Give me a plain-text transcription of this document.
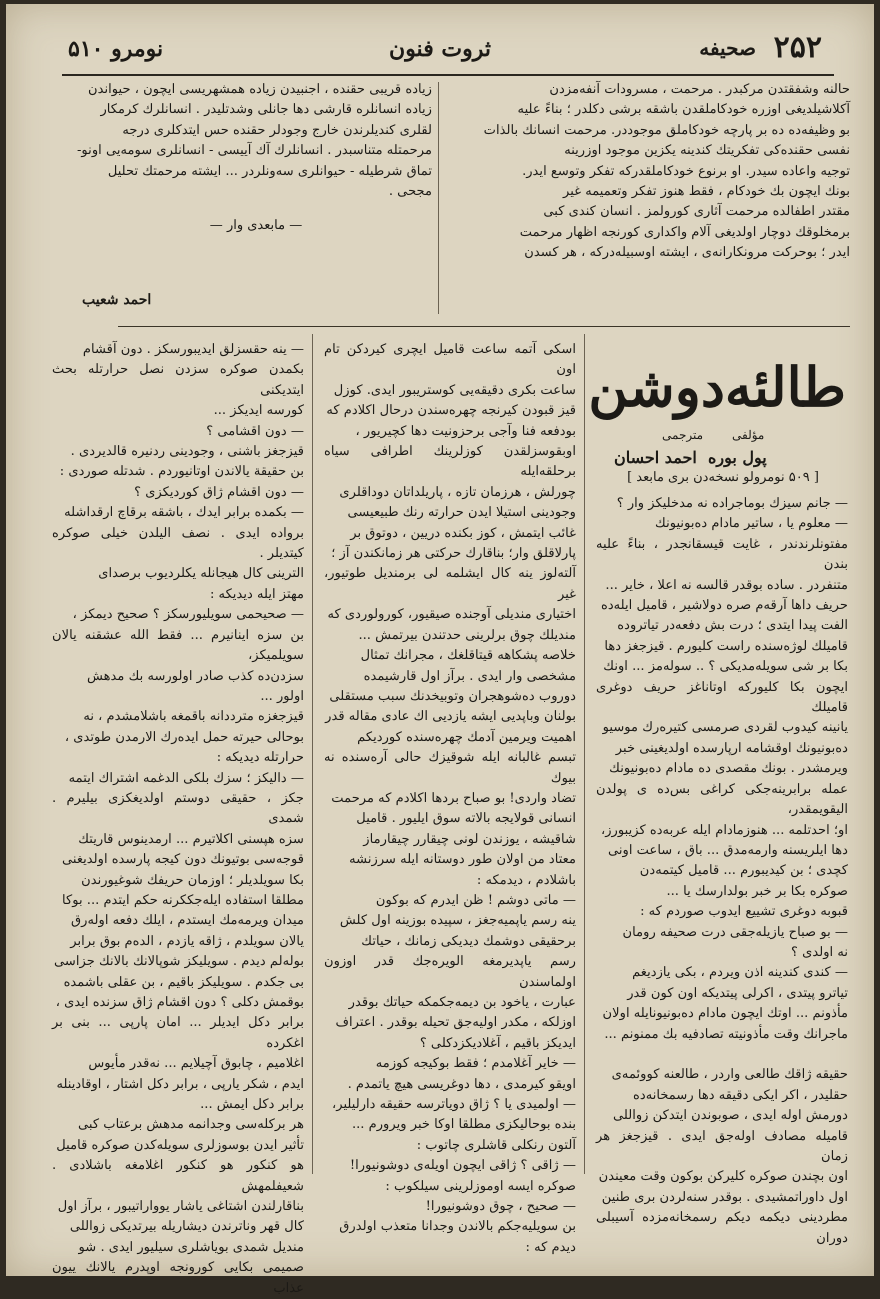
۲۵۲
صحیفه
ثروت فنون
نومرو ۵۱۰

حالنه وشفقتدن مركبدر . مرحمت ، مسرودات آنفه‌مزدن

آكلاشیلدیغی اوزره خودكاملقدن باشقه برشی دكلدر ؛ بناءً علیه

بو وظیفه‌ده ده بر پارچه خودكاملق موجوددر. مرحمت انسانك بالذات

نفسی حقنده‌كی تفكریتك كندینه یكزین موجود اوزرینه

توجیه واعاده سیدر. او برنوع خودكاملقدركه تفكر وتوسع ایدر.

بونك ایچون بك خودكام ، فقط هنوز تفكر وتعمیمه غیر

مقتدر اطفالده مرحمت آثاری كورولمز . انسان كندی كبی

برمخلوقك دوچار اولدیغی آلام واكداری كورنجه اظهار مرحمت

ایدر ؛ بوحركت مرونكارانه‌ی ، ایشته اوسبیله‌دركه ، هر كسدن

زیاده قریبی حقنده ، اجنبیدن زیاده همشهریسی ایچون ، حیواندن

زیاده انسانلره قارشی دها جانلی وشدتلیدر . انسانلرك كرمكار

لقلری كندیلرندن خارج وجودلر حقنده حس ایتدكلری درجه‌

مرحمتله متناسبدر . انسانلرك آك آییسی - انسانلری سومه‌یی اونو-

تماق شرطیله - حیوانلری سه‌ونلردر ... ایشته مرحمتك تحلیل

مجحی .

— مابعدی وار —
احمد شعیب
طالئه‌دوشن
مؤلفی
مترجمی
پول بوره
احمد احسان
[ ۵۰۹ نومرولو نسخه‌دن بری مابعد ]

— جانم سیزك بوماجراده نه مدخلیكز وار ؟

— معلوم یا ، ساتیر مادام ده‌بونیونك

مفتونلرندندر ، غایت قیسقانجدر ، بناءً علیه بندن

متنفردر . ساده بوقدر قالسه نه اعلا ، خایر ...

حریف داها آرقه‌م صره دولاشیر ، قامیل ایله‌ده

الفت پیدا ایتدی ؛ درت بش دفعه‌در تیاتروده

قامیلك لوژه‌سنده راست كلیورم . قیزجغز دها

بكا بر شی سویله‌مدیكی ؟ .. سوله‌مز ... اونك

ایچون بكا كلیوركه اوتاناغز حریف دوغری قامیلك

یانینه كیدوب لقردی صرمسی كتیره‌رك موسیو

ده‌بونیونك اوقشامه ارپارسده اولدیغینی خبر

ویرمشدر . بونك مقصدی ده مادام ده‌بونیونك

عمله برابرینه‌جكی كراغی بس‌ده ی پولدن الیقویمقدر،

او؛ احدتلمه ... هنوزمادام ایله عربه‌ده كزیبورز،

دها ایلریسنه وارمه‌مدق ... باق ، ساعت اونی

كچدی ؛ بن كیدیبورم ... قامیل كیتمه‌دن

صوكره بكا بر خبر بولدارسك یا ...

قبوبه دوغری تشییع ایدوب صوردم كه :

— بو صباح یازیله‌جقی درت صحیفه رومان

نه اولدی ؟

— كندی كندینه اذن ویردم ، بكی یازدیغم

تیاترو پیتدی ، اكرلی پیتدیكه اون كون قدر

مأذونم ... اوتك ایچون مادام ده‌بونیونایله اولان

ماجرانك وقت مأذونیته تصادفیه بك ممنونم ...

حقیقه ژاقك طالعی واردر ، طالعنه كووئمه‌ی

حقلیدر ، اكر ایكی دقیقه دها رسمخانه‌ده

دورمش اوله ایدی ، صوبوندن ایتدكن زواللی

قامیله مصادف اوله‌جق ایدی . قیزجغز هر زمان

اون بچندن صوكره كلیركن بوكون وقت معیندن

اول داوراتمشیدی . بوقدر سنه‌لردن بری طنین

مطردینی دیكمه دیكم رسمخانه‌مزده آسیبلی دوران

اسكی آتمه ساعت قامیل ایچری كیردكن تام اون

ساعت بكری دقیقه‌یی كوستریبور ایدی. كوزل

قیز قبودن كیرنجه چهره‌سندن درحال اكلادم كه

بودفعه فنا وآجی برحزونیت دها كچیریور ،

اوبقوسزلقدن كوزلرینك اطرافی سیاه برحلقه‌ایله

چورلش ، هرزمان تازه ، پاریلداتان دوداقلری

وجودینی استیلا ایدن حرارته رنك طبیعیسی

غائب ایتمش ، كوز بكنده دریین ، دوتوق بر

پارلاقلق وار؛ بناقارك حركتی هر زمانكندن آز ؛

آلته‌لوز ینه كال ایشلمه لی برمندیل طوتیور، غیر

اختیاری مندیلی آوجنده صیقیور، كورولوردی كه

مندیلك چوق برلرینی حدتندن بیرتمش ...

خلاصه پشكاهه قیتاقلغك ، مجرانك تمثال

مشخصی وار ایدی . برآز اول قارشیمده

دوروب ده‌شوهجران وتوبیخدنك سبب مستقلی

بولنان وباپدیی ایشه یازدیی اك عادی مقاله قدر

اهمیت ویرمین آدمك چهره‌سنده كوردیكم

تبسم غالبانه ایله شوقیزك حالی آره‌سنده نه بیوك

تضاد واردی! بو صباح بردها اكلادم كه مرحمت

انسانی قولایجه بالاته سوق ایلیور . قامیل

شاقیشه ، یوزندن لونی چیقارر چیقارماز

معتاد من اولان طور دوستانه ایله سرزنشه

باشلادم ، دیدمكه :

— ماتی دوشم ! ظن ایدرم كه بوكون

ینه رسم یاپمیه‌جغز ، سپیده بوزینه اول كلش

برحقیقی دوشمك دیدیكی زمانك ، حیاتك

رسم یاپدیرمغه الویره‌جك قدر اوزون اولماسندن

عبارت ، یاخود بن دیمه‌جكمكه حیاتك بوقدر

اوزلكه ، مكدر اولیه‌جق تحیله بوقدر . اعتراف

ایدیكز باقیم ، آغلادیكزدكلی ؟

— خایر آغلامدم ؛ فقط بوكیجه كوزمه

اویقو كیرمدی ، دها دوغریسی هیچ یاتمدم .

— اولمیدی یا ؟ ژاق دویاترسه حقیقه دارلیلیر،

بنده بوحالیكزی مطلقا اوكا خبر ویرورم ...

آلتون رنكلی قاشلری چاتوب :

— ژاقی ؟ ژاقی ایچون اویله‌ی دوشونیورا!

صوكره ایسه اوموزلرینی سیلكوب :

— صحیح ، چوق دوشونیورا!

بن سویلیه‌جكم بالاندن وجدانا متعذب اولدرق

دیدم كه :

— ینه حقسزلق ایدیبورسكز . دون آقشام

بكمدن صوكره سزدن نصل حرارتله بحث ایتدیكنی

كورسه ایدیكز ...

— دون اقشامی ؟

قیزجغز باشنی ، وجودینی ردنیره قالدیردی .

بن حقیقة یالاندن اوتانیوردم . شدتله صوردی :

— دون اقشام ژاق كوردیكزی ؟

— بكمده برابر ایدك ، باشقه برقاچ ارقداشله

برواده ایدی . نصف الیلدن خیلی صوكره كیتدیلر .

الترینی كال هیجانله یكلردیوب برصدای

مهتز ایله دیدیكه :

— صحیحمی سویلیورسكز ؟ صحیح دیمكز ،

بن سزه اینانیرم ... فقط الله عشقنه یالان سویلمیكز،

سزدن‌ده كذب صادر اولورسه بك مدهش

اولور ...

قیزجغزه مترددانه باقمغه باشلامشدم ، نه

بوحالی حیرته حمل ایده‌رك الارمدن طوتدی ،

حرارتله دیدیكه :

— دالیكز ؛ سزك بلكی الدغمه اشتراك ایتمه‌

جكز ، حقیقی دوستم اولدیغكزی بیلیرم . شمدی

سزه هپسنی اكلاتیرم ... ارمدینوس قاریتك

قوجه‌سی بوتیونك دون كیجه پارسده اولدیغنی

بكا سویلدیلر ؛ اوزمان حریفك شوغیورندن

مطلقا استفاده ایله‌جككرنه حكم ایتدم ... بوكا

میدان ویرمه‌مك ایستدم ، ایلك دفعه اوله‌رق

یالان سویلدم ، ژاقه یازدم ، الده‌م بوق برابر

بوله‌لم دیدم . سویلیكز شوپالانك بالانك جزاسی

بی جكدم . سویلیكز باقیم ، بن عقلی باشمده

بوقمش دكلی ؟ دون اقشام ژاق سزنده ایدی ،

برابر دكل ایدیلر ... امان پارپی ... بنی بر اغكرده

اغلامیم ، چابوق آچیلایم ... نه‌قدر مأیوس

ایدم ، شكر یارپی ، برابر دكل اشتار ، اوقادینله

برابر دكل ایمش ...

هر بركله‌سی وجدانمه مدهش برعتاب كبی

تأثیر ایدن بوسوزلری سویله‌كدن صوكره قامیل

هو كنكور هو كنكور اغلامغه باشلادی . شعیفلمهش

بناقارلندن اشتاغی یاشار یوواراتیبور ، برآز اول

كال قهر وناترندن دیشاریله بیرتدیكی زواللی

مندیل شمدی بویاشلری سیلیور ایدی . شو

صمیمی بكایی كورونجه اوپدرم یالانك ییون عذاب
